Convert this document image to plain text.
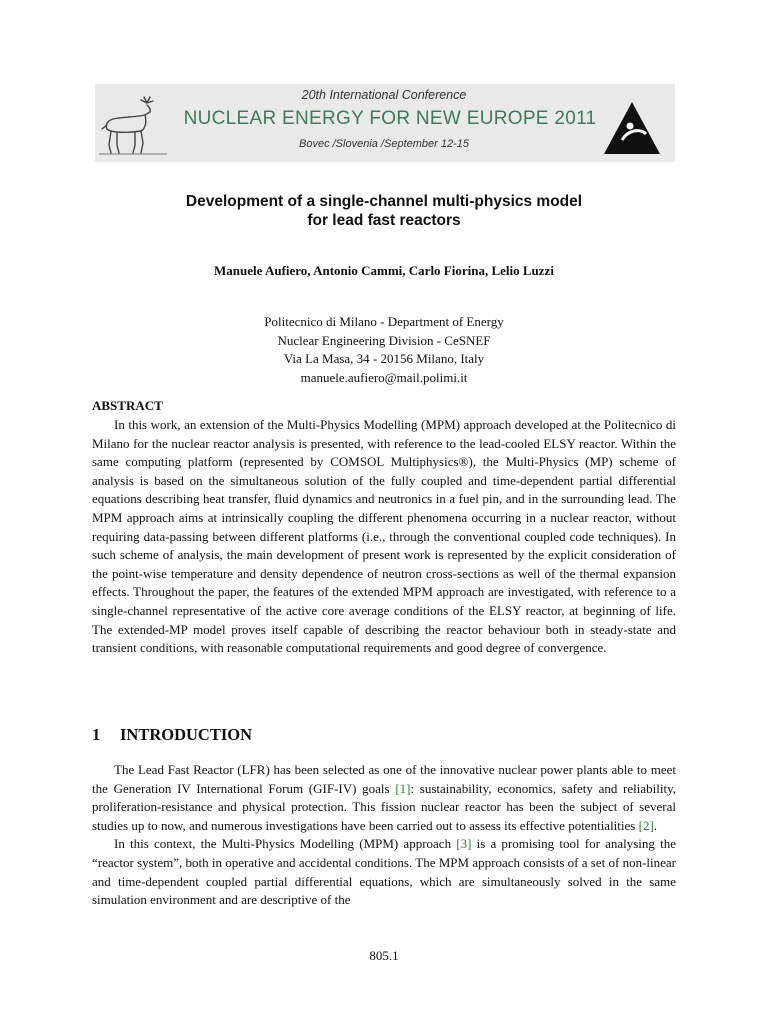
20th International Conference
NUCLEAR ENERGY FOR NEW EUROPE 2011
Bovec /Slovenia /September 12-15
Development of a single-channel multi-physics model
for lead fast reactors
Manuele Aufiero, Antonio Cammi, Carlo Fiorina, Lelio Luzzi
Politecnico di Milano - Department of Energy
Nuclear Engineering Division - CeSNEF
Via La Masa, 34 - 20156 Milano, Italy
manuele.aufiero@mail.polimi.it
ABSTRACT

In this work, an extension of the Multi-Physics Modelling (MPM) approach developed at the Politecnico di Milano for the nuclear reactor analysis is presented, with reference to the lead-cooled ELSY reactor. Within the same computing platform (represented by COMSOL Multiphysics®), the Multi-Physics (MP) scheme of analysis is based on the simultaneous solution of the fully coupled and time-dependent partial differential equations describing heat transfer, fluid dynamics and neutronics in a fuel pin, and in the surrounding lead. The MPM approach aims at intrinsically coupling the different phenomena occurring in a nuclear reactor, without requiring data-passing between different platforms (i.e., through the conventional coupled code techniques). In such scheme of analysis, the main development of present work is represented by the explicit consideration of the point-wise temperature and density dependence of neutron cross-sections as well of the thermal expansion effects. Throughout the paper, the features of the extended MPM approach are investigated, with reference to a single-channel representative of the active core average conditions of the ELSY reactor, at beginning of life. The extended-MP model proves itself capable of describing the reactor behaviour both in steady-state and transient conditions, with reasonable computational requirements and good degree of convergence.

1 INTRODUCTION

The Lead Fast Reactor (LFR) has been selected as one of the innovative nuclear power plants able to meet the Generation IV International Forum (GIF-IV) goals [1]: sustainability, economics, safety and reliability, proliferation-resistance and physical protection. This fission nuclear reactor has been the subject of several studies up to now, and numerous investigations have been carried out to assess its effective potentialities [2].

In this context, the Multi-Physics Modelling (MPM) approach [3] is a promising tool for analysing the “reactor system”, both in operative and accidental conditions. The MPM approach consists of a set of non-linear and time-dependent coupled partial differential equations, which are simultaneously solved in the same simulation environment and are descriptive of the

805.1
